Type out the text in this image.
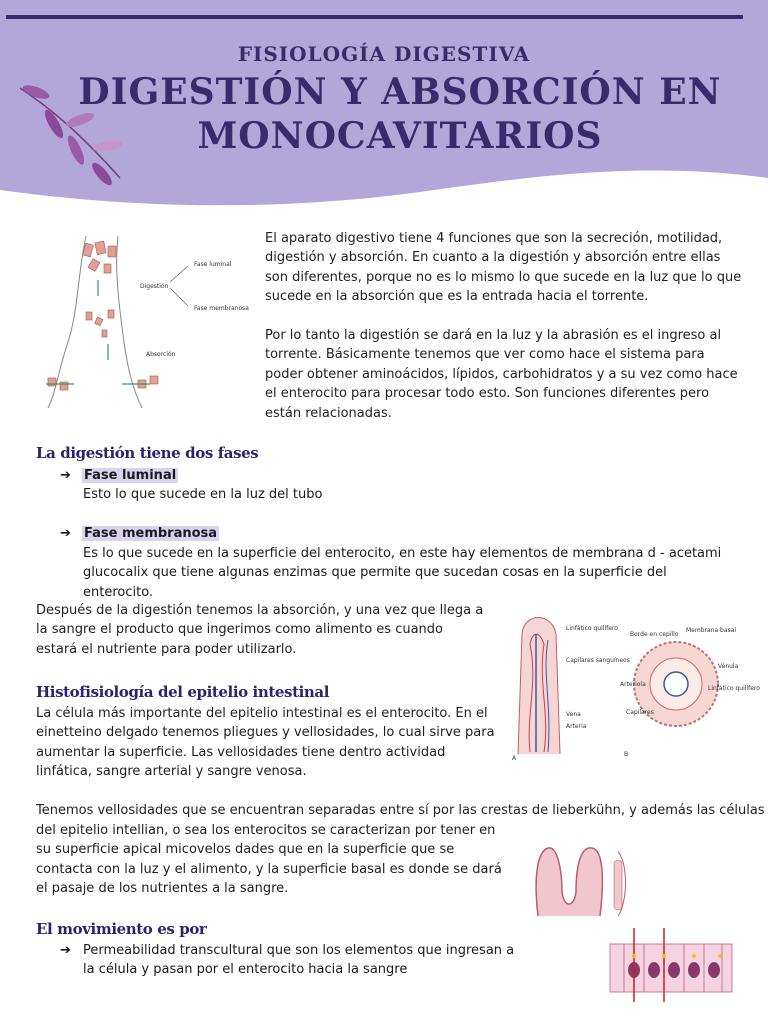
FISIOLOGÍA DIGESTIVA
DIGESTIÓN Y ABSORCIÓN EN
MONOCAVITARIOS
Digestión
Absorción
Fase luminal
Fase membranosa
El aparato digestivo tiene 4 funciones que son la secreción, motilidad, digestión y absorción. En cuanto a la digestión y absorción entre ellas son diferentes, porque no es lo mismo lo que sucede en la luz que lo que sucede en la absorción que es la entrada hacia el torrente.
Por lo tanto la digestión se dará en la luz y la abrasión es el ingreso al torrente. Básicamente tenemos que ver como hace el sistema para poder obtener aminoácidos, lípidos, carbohidratos y a su vez como hace el enterocito para procesar todo esto. Son funciones diferentes pero están relacionadas.
La digestión tiene dos fases
➔ Fase luminal
Esto lo que sucede en la luz del tubo
➔ Fase membranosa
Es lo que sucede en la superficie del enterocito, en este hay elementos de membrana d - acetami glucocalix que tiene algunas enzimas que permite que sucedan cosas en la superficie del enterocito.
Después de la digestión tenemos la absorción, y una vez que llega a la sangre el producto que ingerimos como alimento es cuando estará el nutriente para poder utilizarlo.
A
Linfático quilífero
Capilares sanguíneos
Vena
Arteria
B
Borde en cepillo
Membrana basal
Vénula
Arteriola
Linfático quilífero
Capilares
Histofisiología del epitelio intestinal
La célula más importante del epitelio intestinal es el enterocito. En el einetteino delgado tenemos pliegues y vellosidades, lo cual sirve para aumentar la superficie. Las vellosidades tiene dentro actividad linfática, sangre arterial y sangre venosa.
Tenemos vellosidades que se encuentran separadas entre sí por las crestas de lieberkühn, y además las células
del epitelio intellian, o sea los enterocitos se caracterizan por tener en su superficie apical micovelos dades que en la superficie que se contacta con la luz y el alimento, y la superficie basal es donde se dará el pasaje de los nutrientes a la sangre.
El movimiento es por
➔ Permeabilidad transcultural que son los elementos que ingresan a la célula y pasan por el enterocito hacia la sangre
